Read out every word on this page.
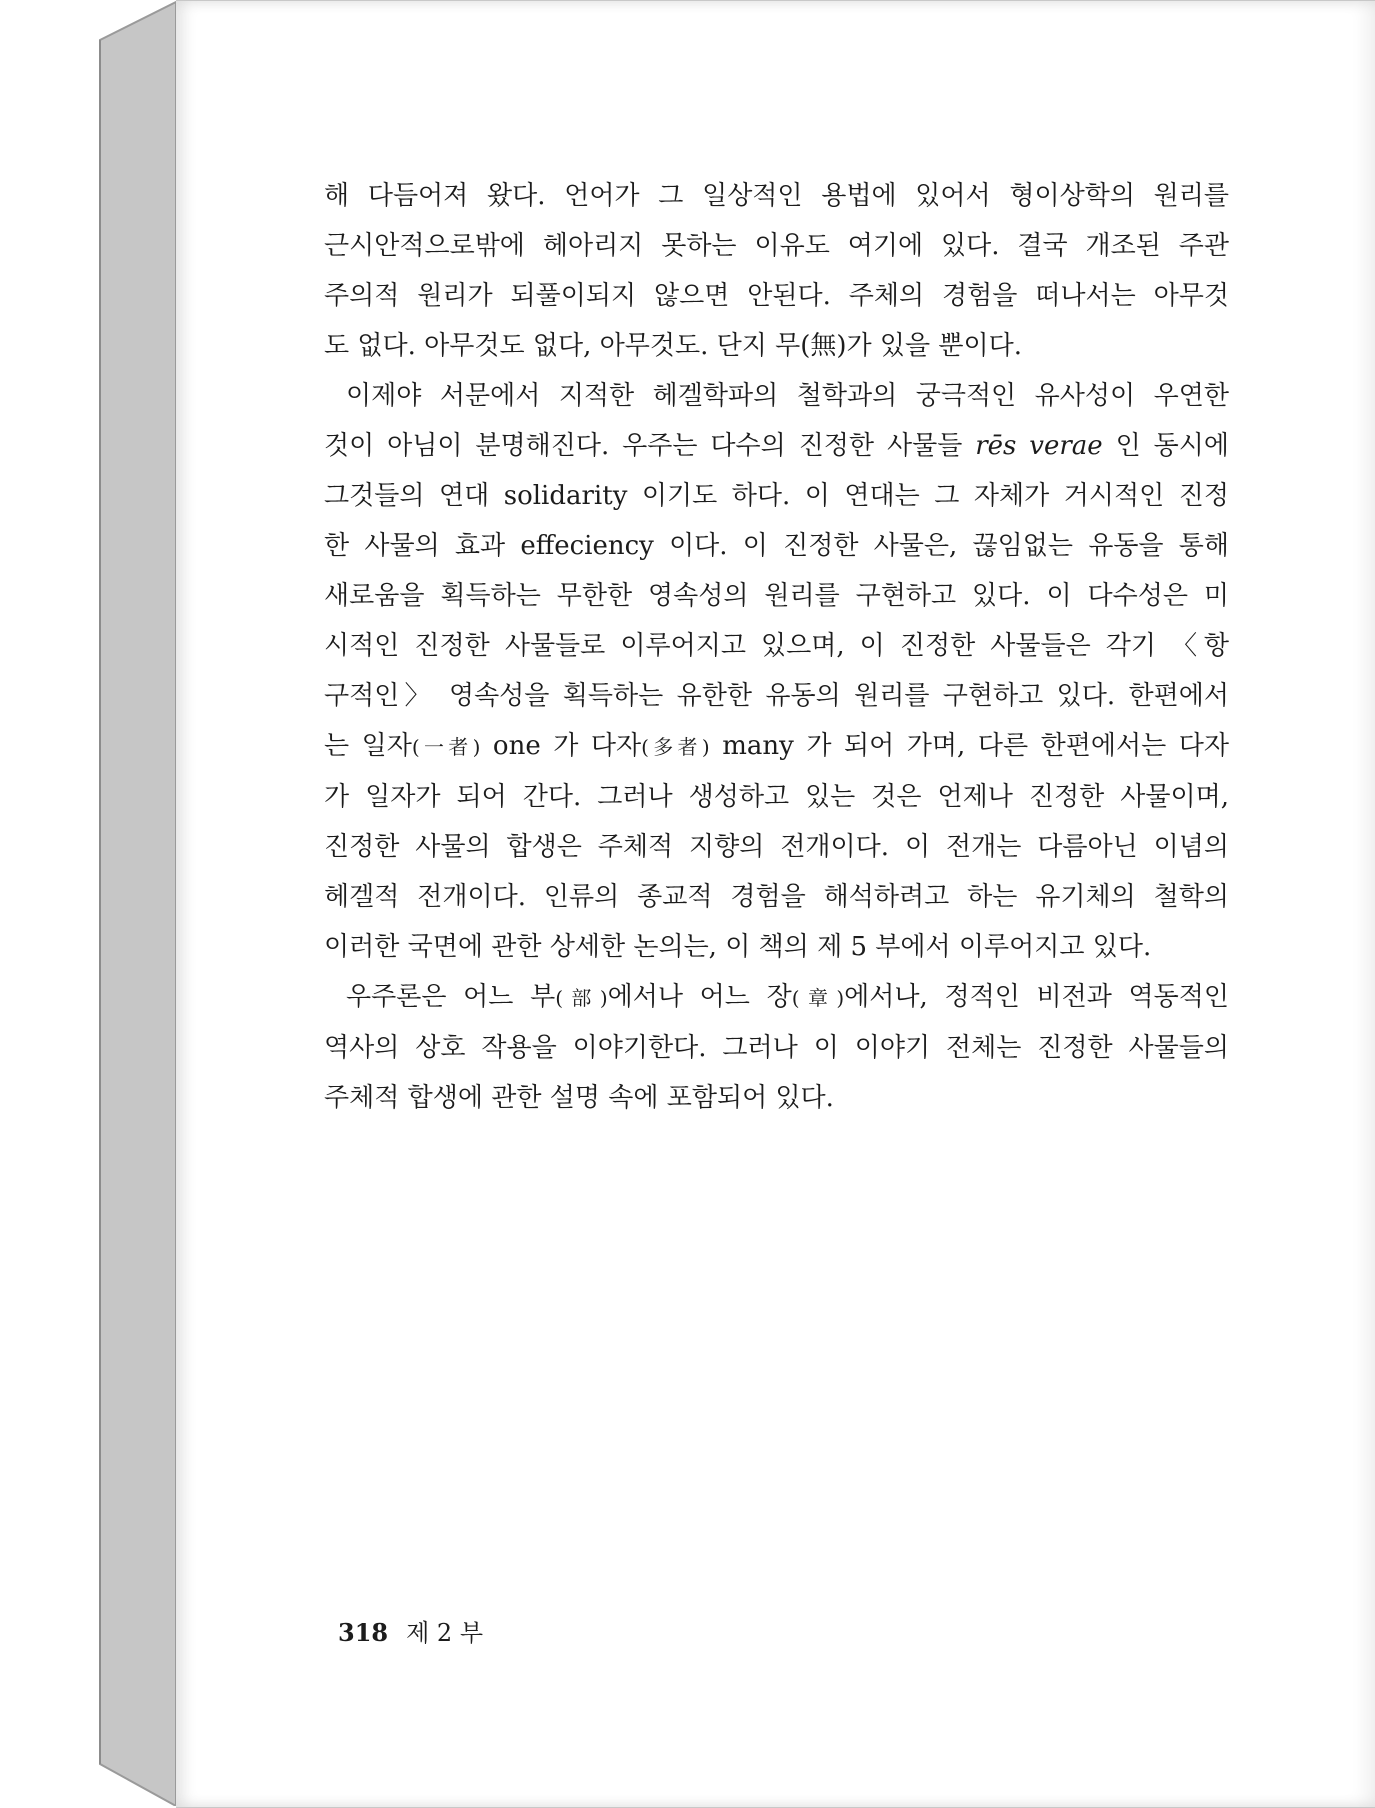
해 다듬어져 왔다. 언어가 그 일상적인 용법에 있어서 형이상학의 원리를
근시안적으로밖에 헤아리지 못하는 이유도 여기에 있다. 결국 개조된 주관
주의적 원리가 되풀이되지 않으면 안된다. 주체의 경험을 떠나서는 아무것
도 없다. 아무것도 없다, 아무것도. 단지 무(無)가 있을 뿐이다.
이제야 서문에서 지적한 헤겔학파의 철학과의 궁극적인 유사성이 우연한
것이 아님이 분명해진다. 우주는 다수의 진정한 사물들 rēs verae 인 동시에
그것들의 연대 solidarity 이기도 하다. 이 연대는 그 자체가 거시적인 진정
한 사물의 효과 effeciency 이다. 이 진정한 사물은, 끊임없는 유동을 통해
새로움을 획득하는 무한한 영속성의 원리를 구현하고 있다. 이 다수성은 미
시적인 진정한 사물들로 이루어지고 있으며, 이 진정한 사물들은 각기 〈항
구적인〉 영속성을 획득하는 유한한 유동의 원리를 구현하고 있다. 한편에서
는 일자(一者) one 가 다자(多者) many 가 되어 가며, 다른 한편에서는 다자
가 일자가 되어 간다. 그러나 생성하고 있는 것은 언제나 진정한 사물이며,
진정한 사물의 합생은 주체적 지향의 전개이다. 이 전개는 다름아닌 이념의
헤겔적 전개이다. 인류의 종교적 경험을 해석하려고 하는 유기체의 철학의
이러한 국면에 관한 상세한 논의는, 이 책의 제 5 부에서 이루어지고 있다.
우주론은 어느 부(部)에서나 어느 장(章)에서나, 정적인 비전과 역동적인
역사의 상호 작용을 이야기한다. 그러나 이 이야기 전체는 진정한 사물들의
주체적 합생에 관한 설명 속에 포함되어 있다.
318 제 2 부
